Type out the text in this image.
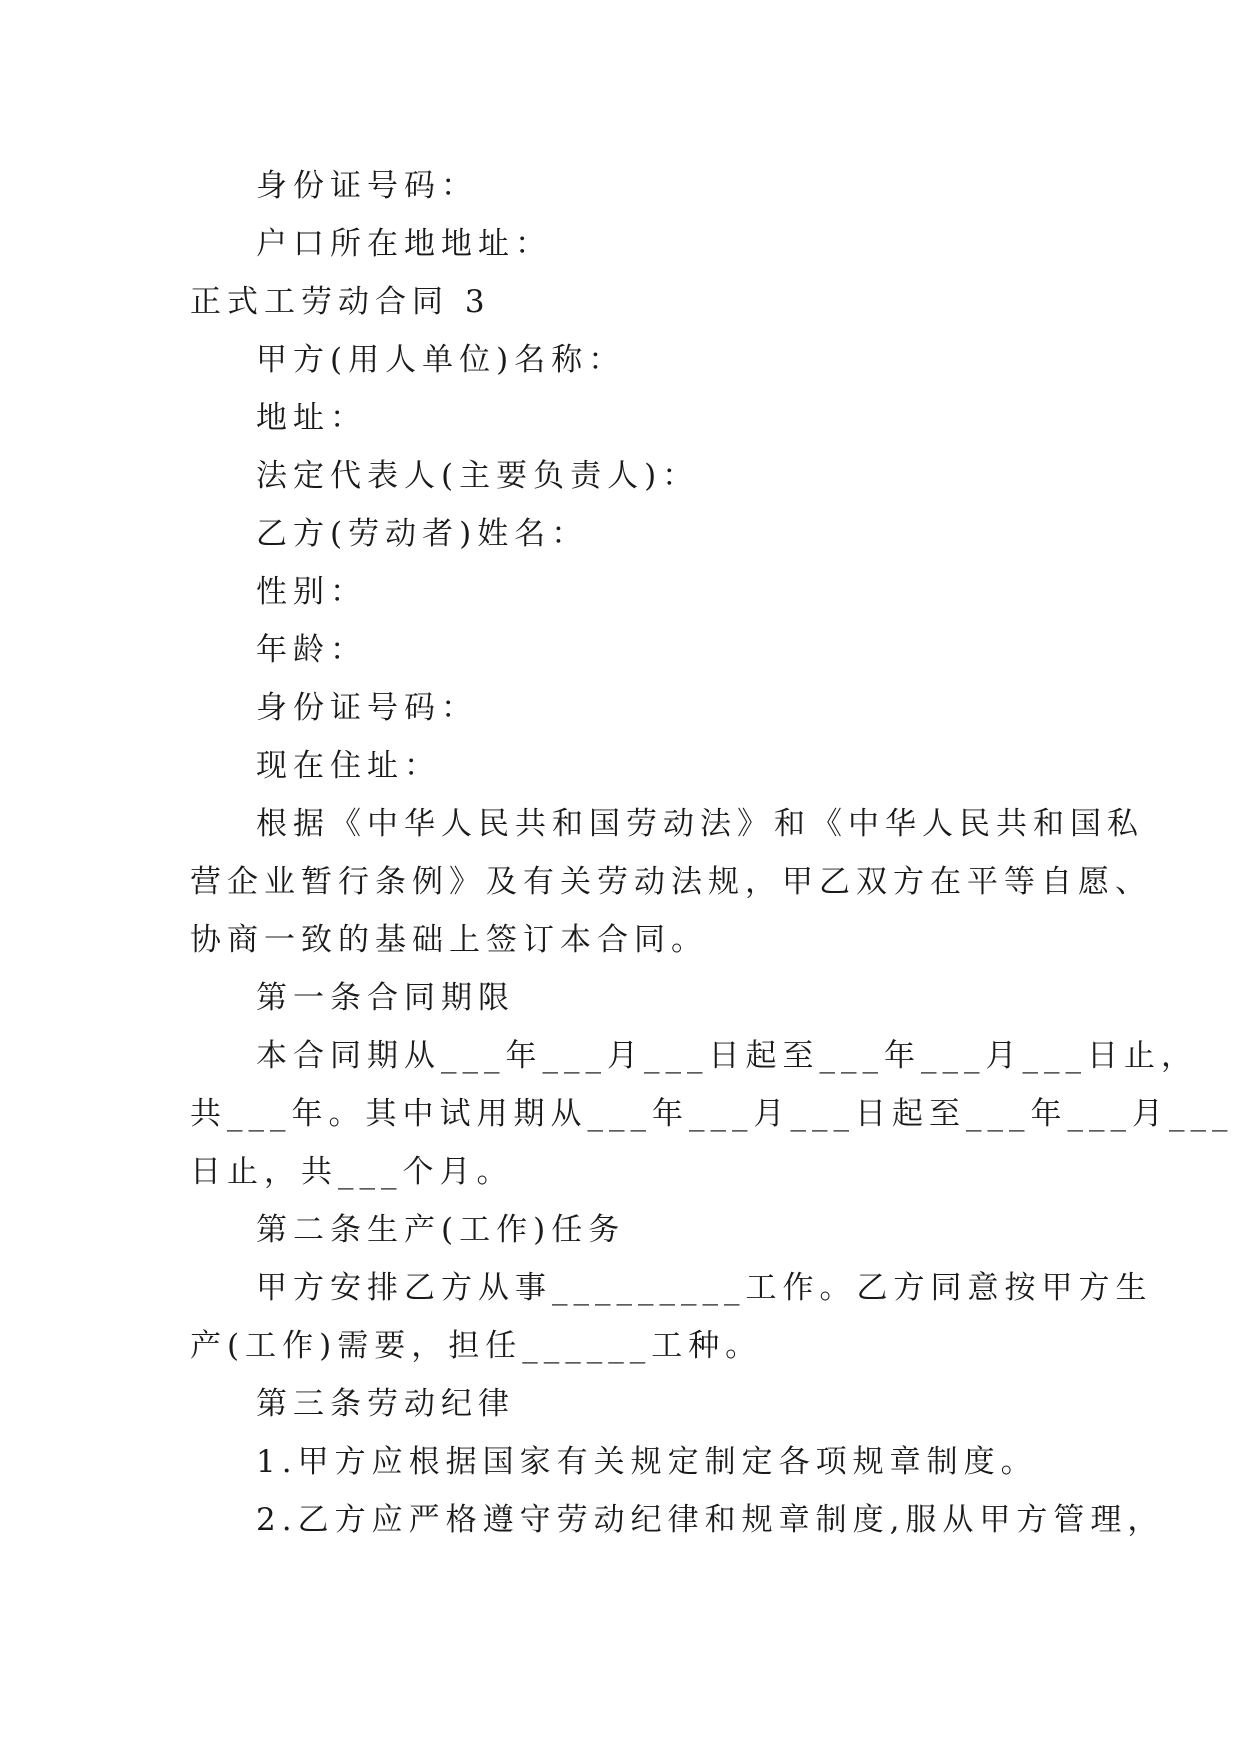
身份证号码：
户口所在地地址：
正式工劳动合同 3
甲方(用人单位)名称：
地址：
法定代表人(主要负责人)：
乙方(劳动者)姓名：
性别：
年龄：
身份证号码：
现在住址：
根据《中华人民共和国劳动法》和《中华人民共和国私
营企业暂行条例》及有关劳动法规，甲乙双方在平等自愿、
协商一致的基础上签订本合同。
第一条合同期限
本合同期从___年___月___日起至___年___月___日止，
共___年。其中试用期从___年___月___日起至___年___月___
日止，共___个月。
第二条生产(工作)任务
甲方安排乙方从事_________工作。乙方同意按甲方生
产(工作)需要，担任______工种。
第三条劳动纪律
1.甲方应根据国家有关规定制定各项规章制度。
2.乙方应严格遵守劳动纪律和规章制度,服从甲方管理，
